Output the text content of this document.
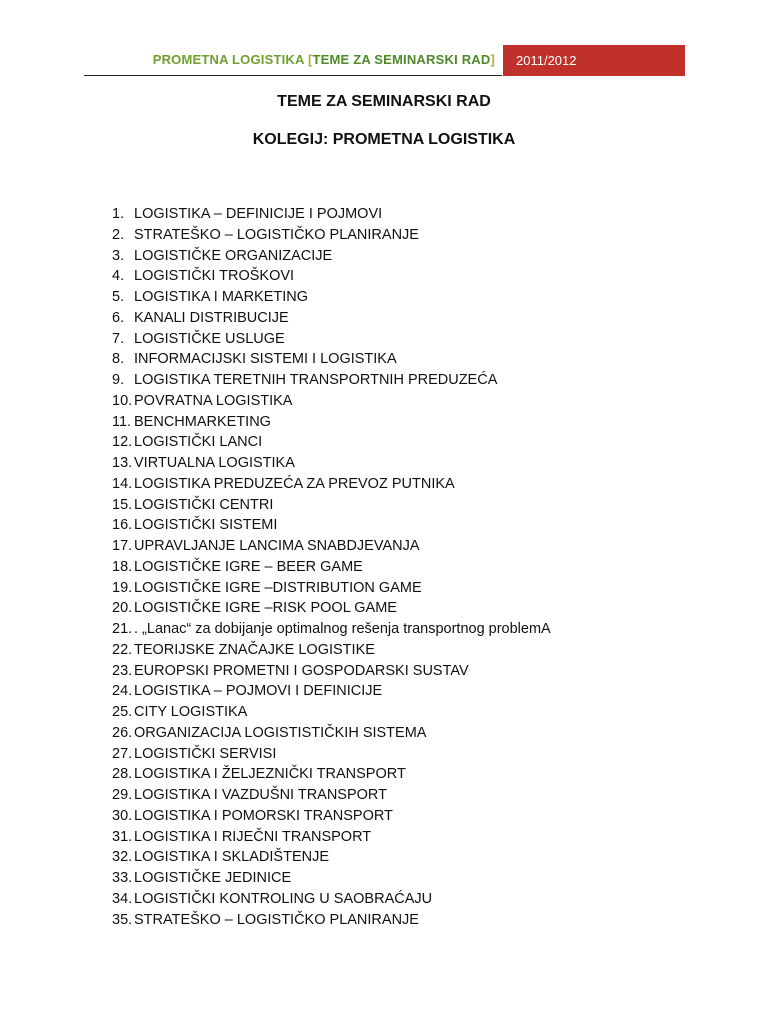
PROMETNA LOGISTIKA [TEME ZA SEMINARSKI RAD]	2011/2012
TEME ZA SEMINARSKI RAD
KOLEGIJ: PROMETNA LOGISTIKA
1. LOGISTIKA – DEFINICIJE I POJMOVI
2. STRATEŠKO – LOGISTIČKO PLANIRANJE
3. LOGISTIČKE ORGANIZACIJE
4. LOGISTIČKI TROŠKOVI
5. LOGISTIKA I MARKETING
6. KANALI DISTRIBUCIJE
7. LOGISTIČKE USLUGE
8. INFORMACIJSKI SISTEMI I LOGISTIKA
9. LOGISTIKA TERETNIH TRANSPORTNIH PREDUZEĆA
10. POVRATNA LOGISTIKA
11. BENCHMARKETING
12. LOGISTIČKI LANCI
13. VIRTUALNA LOGISTIKA
14. LOGISTIKA PREDUZEĆA ZA PREVOZ PUTNIKA
15. LOGISTIČKI CENTRI
16. LOGISTIČKI SISTEMI
17. UPRAVLJANJE LANCIMA SNABDJEVANJA
18. LOGISTIČKE IGRE – BEER GAME
19. LOGISTIČKE IGRE –DISTRIBUTION GAME
20. LOGISTIČKE IGRE –RISK POOL GAME
21. . „Lanac“ za dobijanje optimalnog rešenja transportnog problemA
22. TEORIJSKE ZNAČAJKE LOGISTIKE
23. EUROPSKI PROMETNI I GOSPODARSKI SUSTAV
24. LOGISTIKA – POJMOVI I DEFINICIJE
25. CITY LOGISTIKA
26. ORGANIZACIJA LOGISTISTIČKIH SISTEMA
27. LOGISTIČKI SERVISI
28. LOGISTIKA I ŽELJEZNIČKI TRANSPORT
29. LOGISTIKA I VAZDUŠNI TRANSPORT
30. LOGISTIKA I POMORSKI TRANSPORT
31. LOGISTIKA I RIJEČNI TRANSPORT
32. LOGISTIKA I SKLADIŠTENJE
33. LOGISTIČKE JEDINICE
34. LOGISTIČKI KONTROLING U SAOBRAĆAJU
35. STRATEŠKO – LOGISTIČKO PLANIRANJE
